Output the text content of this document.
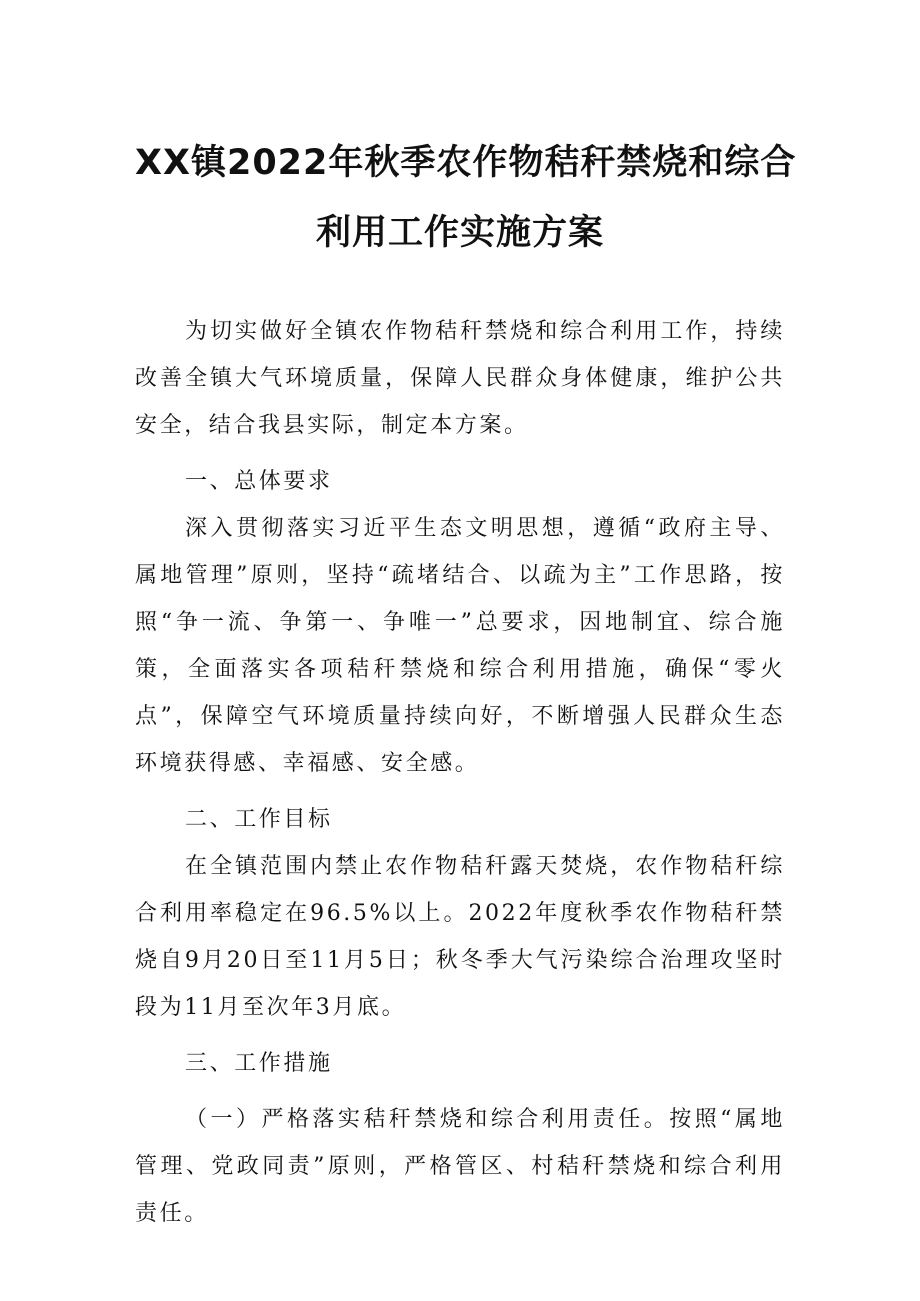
XX镇2022年秋季农作物秸秆禁烧和综合
利用工作实施方案

为切实做好全镇农作物秸秆禁烧和综合利用工作，持续改善全镇大气环境质量，保障人民群众身体健康，维护公共安全，结合我县实际，制定本方案。

一、总体要求

深入贯彻落实习近平生态文明思想，遵循“政府主导、属地管理”原则，坚持“疏堵结合、以疏为主”工作思路，按照“争一流、争第一、争唯一”总要求，因地制宜、综合施策，全面落实各项秸秆禁烧和综合利用措施，确保“零火点”，保障空气环境质量持续向好，不断增强人民群众生态环境获得感、幸福感、安全感。

二、工作目标

在全镇范围内禁止农作物秸秆露天焚烧，农作物秸秆综合利用率稳定在96.5%以上。2022年度秋季农作物秸秆禁烧自9月20日至11月5日；秋冬季大气污染综合治理攻坚时段为11月至次年3月底。

三、工作措施

（一）严格落实秸秆禁烧和综合利用责任。按照“属地管理、党政同责”原则，严格管区、村秸秆禁烧和综合利用责任。
